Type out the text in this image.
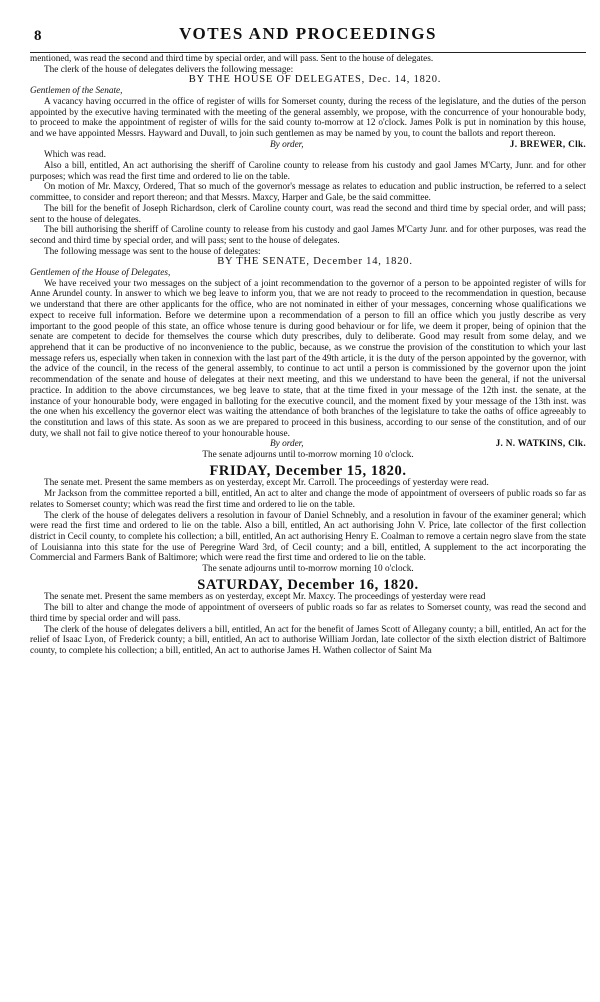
8	VOTES AND PROCEEDINGS

mentioned, was read the second and third time by special order, and will pass. Sent to the house of delegates.

The clerk of the house of delegates delivers the following message:

BY THE HOUSE OF DELEGATES, Dec. 14, 1820.

Gentlemen of the Senate,

A vacancy having occurred in the office of register of wills for Somerset county, during the recess of the legislature, and the duties of the person appointed by the executive having terminated with the meeting of the general assembly, we propose, with the concurrence of your honourable body, to proceed to make the appointment of register of wills for the said county to-morrow at 12 o'clock. James Polk is put in nomination by this house, and we have appointed Messrs. Hayward and Duvall, to join such gentlemen as may be named by you, to count the ballots and report thereon.

By order,	J. BREWER, Clk.

Which was read.

Also a bill, entitled, An act authorising the sheriff of Caroline county to release from his custody and gaol James M'Carty, Junr. and for other purposes; which was read the first time and ordered to lie on the table.

On motion of Mr. Maxcy, Ordered, That so much of the governor's message as relates to education and public instruction, be referred to a select committee, to consider and report thereon; and that Messrs. Maxcy, Harper and Gale, be the said committee.

The bill for the benefit of Joseph Richardson, clerk of Caroline county court, was read the second and third time by special order, and will pass; sent to the house of delegates.

The bill authorising the sheriff of Caroline county to release from his custody and gaol James M'Carty Junr. and for other purposes, was read the second and third time by special order, and will pass; sent to the house of delegates.

The following message was sent to the house of delegates:

BY THE SENATE, December 14, 1820.

Gentlemen of the House of Delegates,

We have received your two messages on the subject of a joint recommendation to the governor of a person to be appointed register of wills for Anne Arundel county. In answer to which we beg leave to inform you, that we are not ready to proceed to the recommendation in question, because we understand that there are other applicants for the office, who are not nominated in either of your messages, concerning whose qualifications we expect to receive full information. Before we determine upon a recommendation of a person to fill an office which you justly describe as very important to the good people of this state, an office whose tenure is during good behaviour or for life, we deem it proper, being of opinion that the senate are competent to decide for themselves the course which duty prescribes, duly to deliberate. Good may result from some delay, and we apprehend that it can be productive of no inconvenience to the public, because, as we construe the provision of the constitution to which your last message refers us, especially when taken in connexion with the last part of the 49th article, it is the duty of the person appointed by the governor, with the advice of the council, in the recess of the general assembly, to continue to act until a person is commissioned by the governor upon the joint recommendation of the senate and house of delegates at their next meeting, and this we understand to have been the general, if not the universal practice. In addition to the above circumstances, we beg leave to state, that at the time fixed in your message of the 12th inst. the senate, at the instance of your honourable body, were engaged in balloting for the executive council, and the moment fixed by your message of the 13th inst. was the one when his excellency the governor elect was waiting the attendance of both branches of the legislature to take the oaths of office agreeably to the constitution and laws of this state. As soon as we are prepared to proceed in this business, according to our sense of the constitution, and of our duty, we shall not fail to give notice thereof to your honourable house.

By order,	J. N. WATKINS, Clk.

The senate adjourns until to-morrow morning 10 o'clock.

FRIDAY, December 15, 1820.

The senate met. Present the same members as on yesterday, except Mr. Carroll. The proceedings of yesterday were read.

Mr Jackson from the committee reported a bill, entitled, An act to alter and change the mode of appointment of overseers of public roads so far as relates to Somerset county; which was read the first time and ordered to lie on the table.

The clerk of the house of delegates delivers a resolution in favour of Daniel Schnebly, and a resolution in favour of the examiner general; which were read the first time and ordered to lie on the table. Also a bill, entitled, An act authorising John V. Price, late collector of the first collection district in Cecil county, to complete his collection; a bill, entitled, An act authorising Henry E. Coalman to remove a certain negro slave from the state of Louisianna into this state for the use of Peregrine Ward 3rd, of Cecil county; and a bill, entitled, A supplement to the act incorporating the Commercial and Farmers Bank of Baltimore; which were read the first time and ordered to lie on the table.

The senate adjourns until to-morrow morning 10 o'clock.

SATURDAY, December 16, 1820.

The senate met. Present the same members as on yesterday, except Mr. Maxcy. The proceedings of yesterday were read

The bill to alter and change the mode of appointment of overseers of public roads so far as relates to Somerset county, was read the second and third time by special order and will pass.

The clerk of the house of delegates delivers a bill, entitled, An act for the benefit of James Scott of Allegany county; a bill, entitled, An act for the relief of Isaac Lyon, of Frederick county; a bill, entitled, An act to authorise William Jordan, late collector of the sixth election district of Baltimore county, to complete his collection; a bill, entitled, An act to authorise James H. Wathen collector of Saint Ma
